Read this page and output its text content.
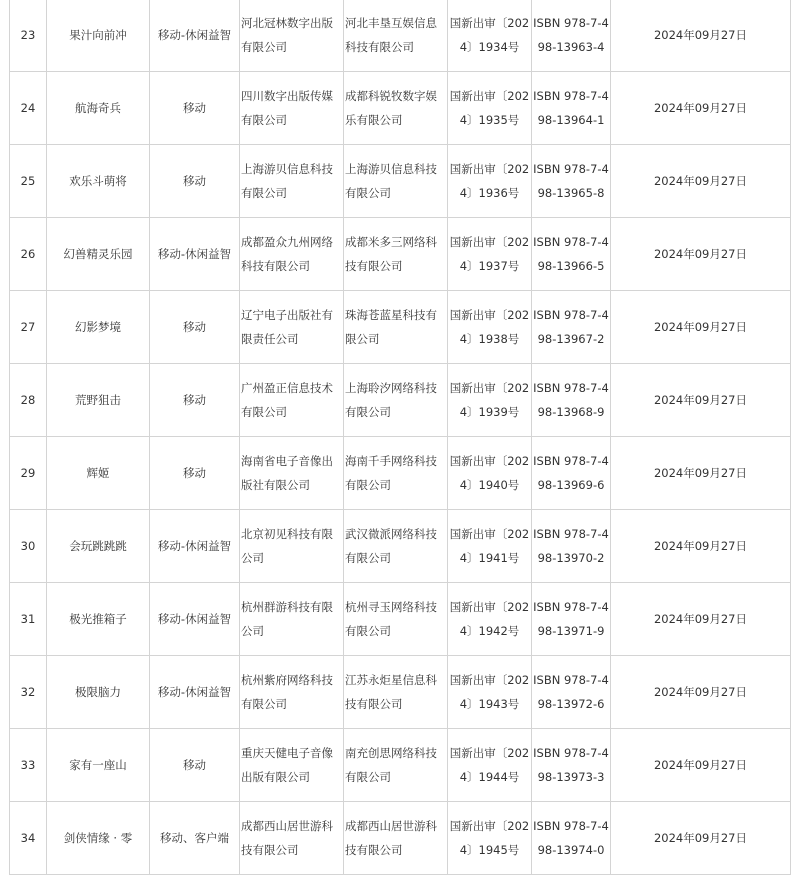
23	果汁向前冲	移动-休闲益智	河北冠林数字出版有限公司	河北丰垦互娱信息科技有限公司	国新出审〔2024〕1934号	ISBN 978-7-498-13963-4	2024年09月27日
24	航海奇兵	移动	四川数字出版传媒有限公司	成都科锐牧数字娱乐有限公司	国新出审〔2024〕1935号	ISBN 978-7-498-13964-1	2024年09月27日
25	欢乐斗萌将	移动	上海游贝信息科技有限公司	上海游贝信息科技有限公司	国新出审〔2024〕1936号	ISBN 978-7-498-13965-8	2024年09月27日
26	幻兽精灵乐园	移动-休闲益智	成都盈众九州网络科技有限公司	成都米多三网络科技有限公司	国新出审〔2024〕1937号	ISBN 978-7-498-13966-5	2024年09月27日
27	幻影梦境	移动	辽宁电子出版社有限责任公司	珠海苍蓝星科技有限公司	国新出审〔2024〕1938号	ISBN 978-7-498-13967-2	2024年09月27日
28	荒野狙击	移动	广州盈正信息技术有限公司	上海聆汐网络科技有限公司	国新出审〔2024〕1939号	ISBN 978-7-498-13968-9	2024年09月27日
29	辉姬	移动	海南省电子音像出版社有限公司	海南千手网络科技有限公司	国新出审〔2024〕1940号	ISBN 978-7-498-13969-6	2024年09月27日
30	会玩跳跳跳	移动-休闲益智	北京初见科技有限公司	武汉微派网络科技有限公司	国新出审〔2024〕1941号	ISBN 978-7-498-13970-2	2024年09月27日
31	极光推箱子	移动-休闲益智	杭州群游科技有限公司	杭州寻玉网络科技有限公司	国新出审〔2024〕1942号	ISBN 978-7-498-13971-9	2024年09月27日
32	极限脑力	移动-休闲益智	杭州紫府网络科技有限公司	江苏永炬星信息科技有限公司	国新出审〔2024〕1943号	ISBN 978-7-498-13972-6	2024年09月27日
33	家有一座山	移动	重庆天健电子音像出版有限公司	南充创思网络科技有限公司	国新出审〔2024〕1944号	ISBN 978-7-498-13973-3	2024年09月27日
34	剑侠情缘 · 零	移动、客户端	成都西山居世游科技有限公司	成都西山居世游科技有限公司	国新出审〔2024〕1945号	ISBN 978-7-498-13974-0	2024年09月27日
